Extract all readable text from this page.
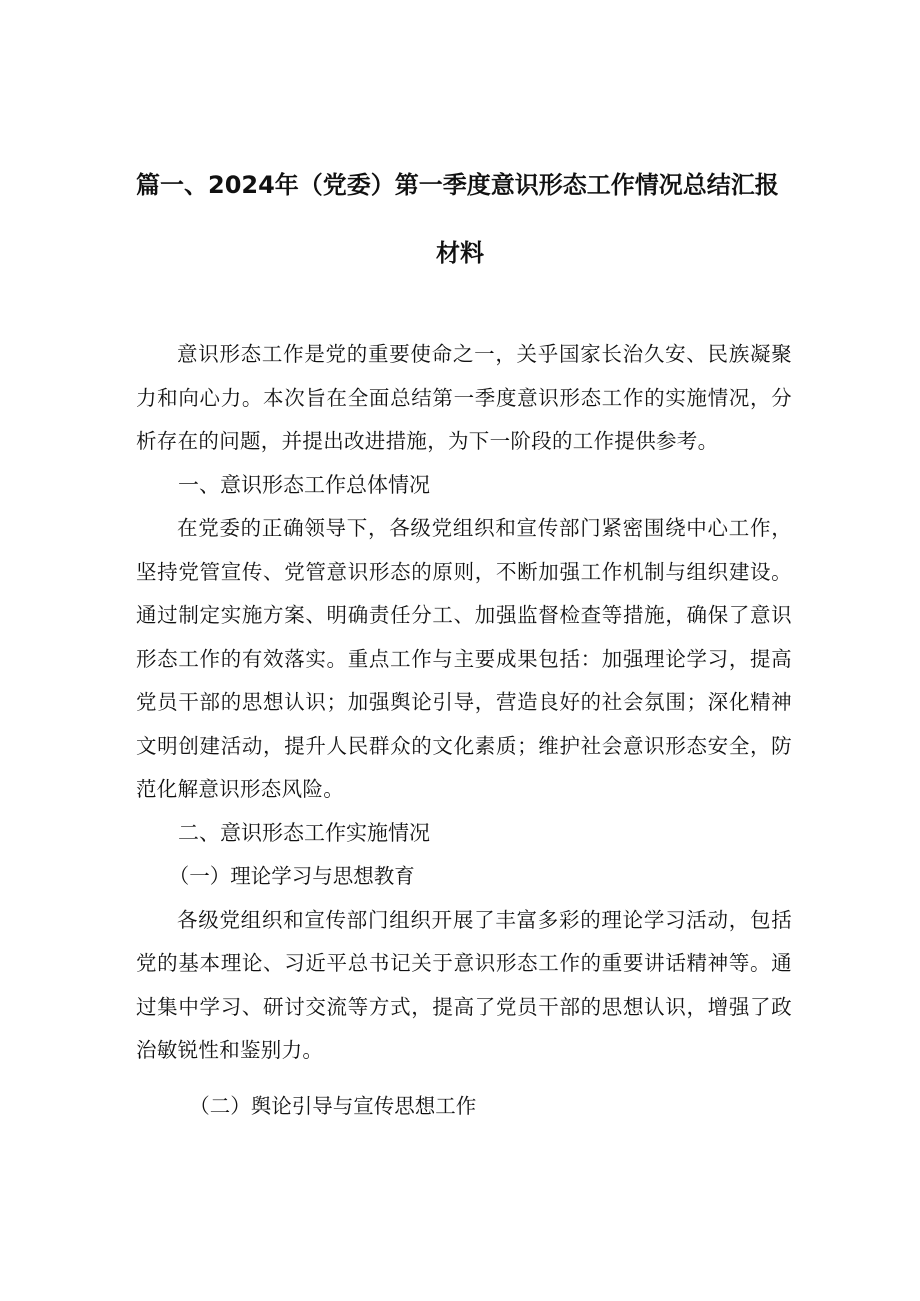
篇一、2024年（党委）第一季度意识形态工作情况总结汇报
材料

意识形态工作是党的重要使命之一，关乎国家长治久安、民族凝聚力和向心力。本次旨在全面总结第一季度意识形态工作的实施情况，分析存在的问题，并提出改进措施，为下一阶段的工作提供参考。

一、意识形态工作总体情况

在党委的正确领导下，各级党组织和宣传部门紧密围绕中心工作，坚持党管宣传、党管意识形态的原则，不断加强工作机制与组织建设。通过制定实施方案、明确责任分工、加强监督检查等措施，确保了意识形态工作的有效落实。重点工作与主要成果包括：加强理论学习，提高党员干部的思想认识；加强舆论引导，营造良好的社会氛围；深化精神文明创建活动，提升人民群众的文化素质；维护社会意识形态安全，防范化解意识形态风险。

二、意识形态工作实施情况

（一）理论学习与思想教育

各级党组织和宣传部门组织开展了丰富多彩的理论学习活动，包括党的基本理论、习近平总书记关于意识形态工作的重要讲话精神等。通过集中学习、研讨交流等方式，提高了党员干部的思想认识，增强了政治敏锐性和鉴别力。

（二）舆论引导与宣传思想工作
